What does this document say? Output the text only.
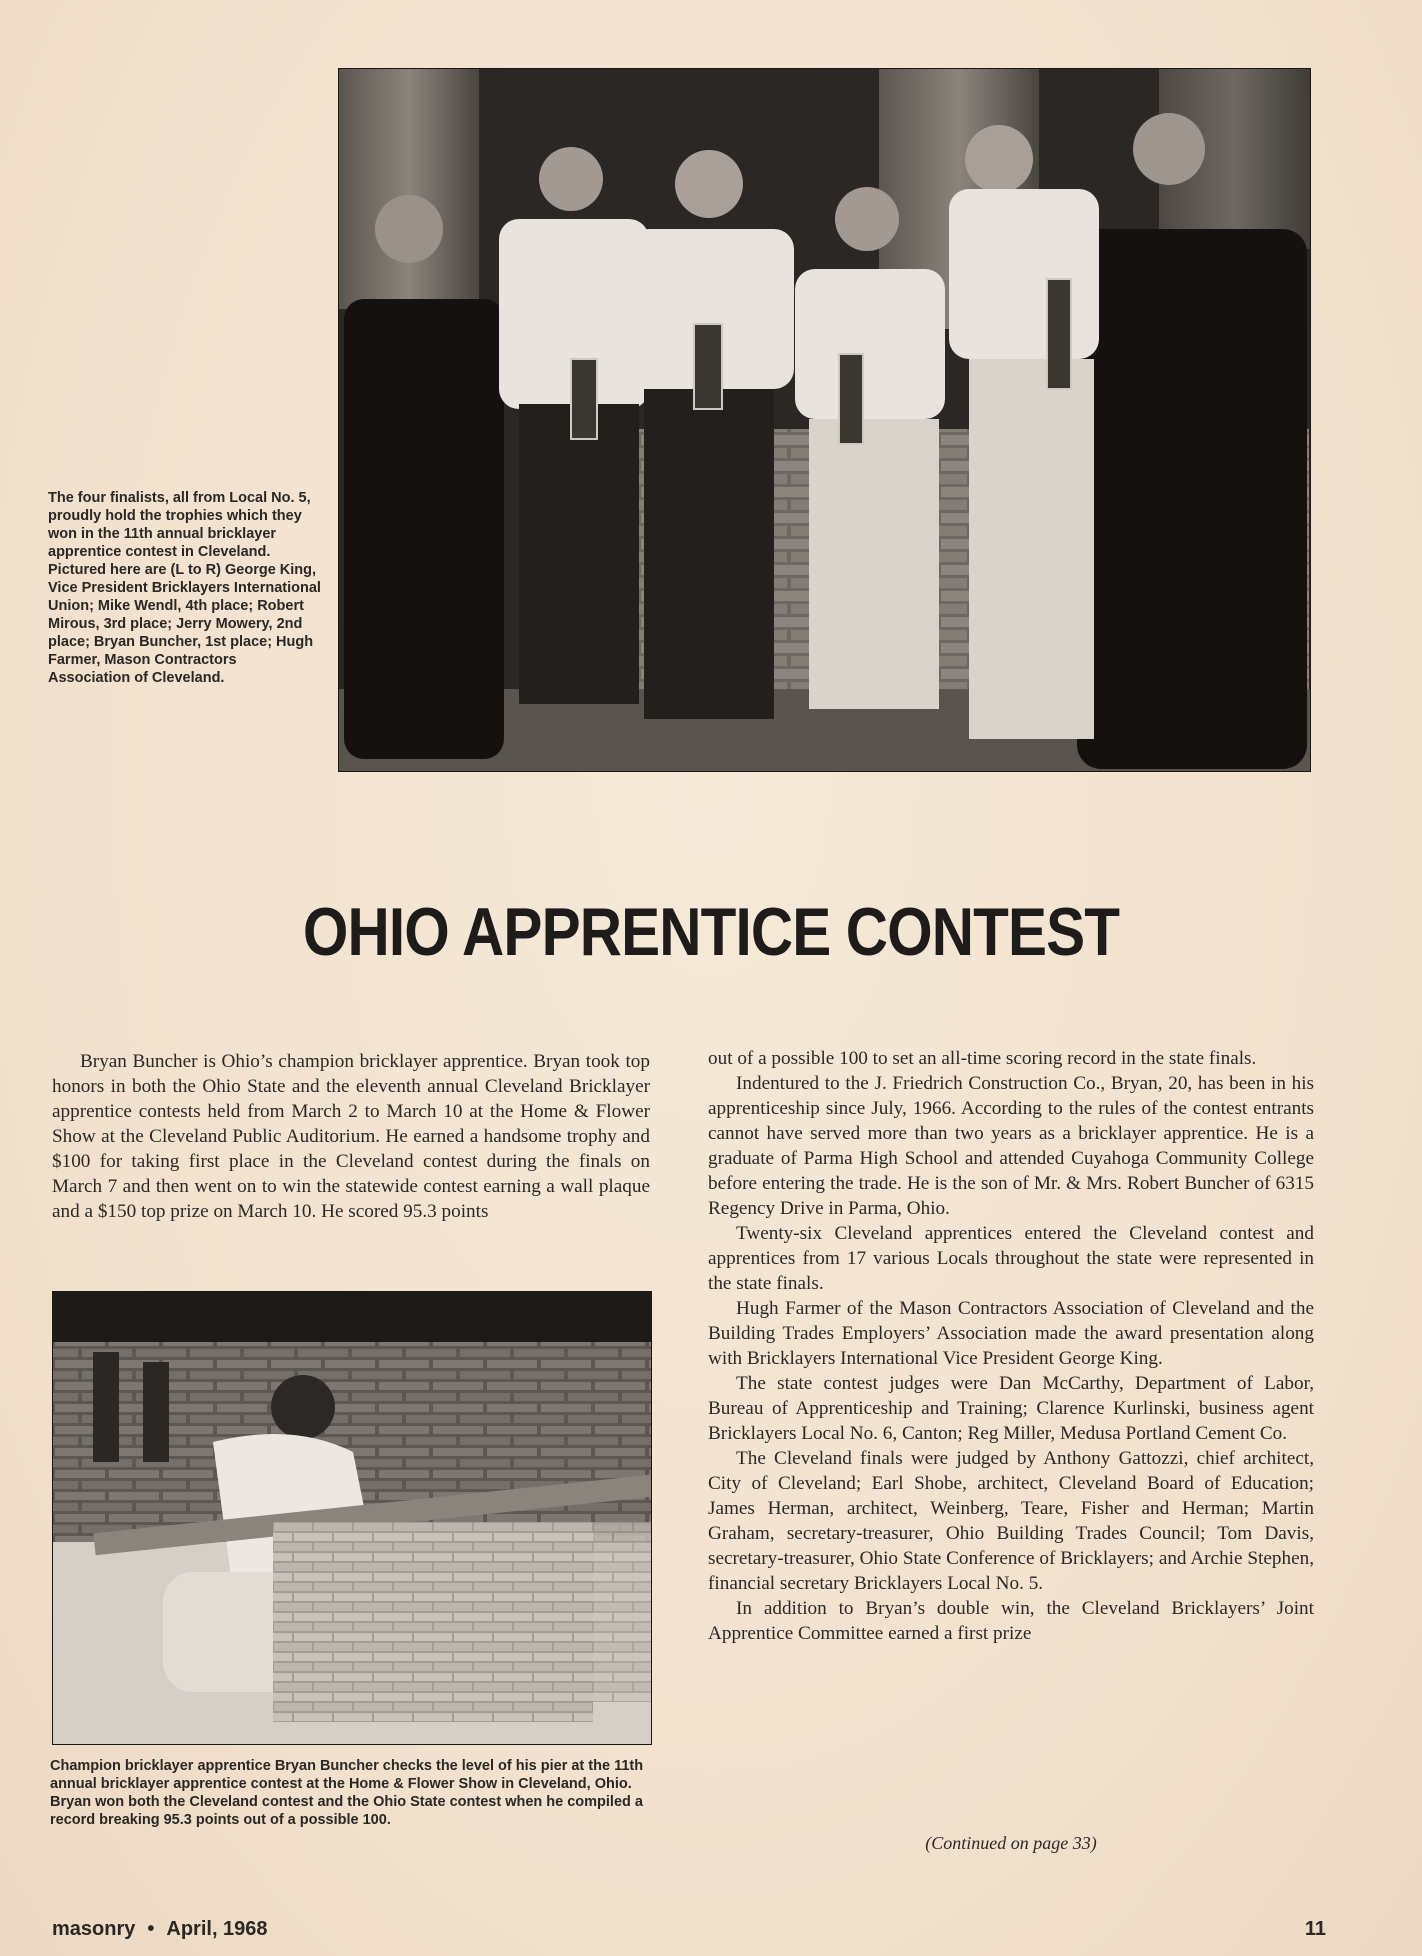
The four finalists, all from Local No. 5, proudly hold the trophies which they won in the 11th annual bricklayer apprentice contest in Cleveland. Pictured here are (L to R) George King, Vice President Bricklayers International Union; Mike Wendl, 4th place; Robert Mirous, 3rd place; Jerry Mowery, 2nd place; Bryan Buncher, 1st place; Hugh Farmer, Mason Contractors Association of Cleveland.
OHIO APPRENTICE CONTEST

Bryan Buncher is Ohio’s champion bricklayer apprentice. Bryan took top honors in both the Ohio State and the eleventh annual Cleveland Bricklayer apprentice contests held from March 2 to March 10 at the Home & Flower Show at the Cleveland Public Auditorium. He earned a handsome trophy and $100 for taking first place in the Cleveland contest during the finals on March 7 and then went on to win the statewide contest earning a wall plaque and a $150 top prize on March 10. He scored 95.3 points

Champion bricklayer apprentice Bryan Buncher checks the level of his pier at the 11th annual bricklayer apprentice contest at the Home & Flower Show in Cleveland, Ohio. Bryan won both the Cleveland contest and the Ohio State contest when he compiled a record breaking 95.3 points out of a possible 100.

out of a possible 100 to set an all-time scoring record in the state finals.

Indentured to the J. Friedrich Construction Co., Bryan, 20, has been in his apprenticeship since July, 1966. According to the rules of the contest entrants cannot have served more than two years as a bricklayer apprentice. He is a graduate of Parma High School and attended Cuyahoga Community College before entering the trade. He is the son of Mr. & Mrs. Robert Buncher of 6315 Regency Drive in Parma, Ohio.

Twenty-six Cleveland apprentices entered the Cleveland contest and apprentices from 17 various Locals throughout the state were represented in the state finals.

Hugh Farmer of the Mason Contractors Association of Cleveland and the Building Trades Employers’ Association made the award presentation along with Bricklayers International Vice President George King.

The state contest judges were Dan McCarthy, Department of Labor, Bureau of Apprenticeship and Training; Clarence Kurlinski, business agent Bricklayers Local No. 6, Canton; Reg Miller, Medusa Portland Cement Co.

The Cleveland finals were judged by Anthony Gattozzi, chief architect, City of Cleveland; Earl Shobe, architect, Cleveland Board of Education; James Herman, architect, Weinberg, Teare, Fisher and Herman; Martin Graham, secretary-treasurer, Ohio Building Trades Council; Tom Davis, secretary-treasurer, Ohio State Conference of Bricklayers; and Archie Stephen, financial secretary Bricklayers Local No. 5.

In addition to Bryan’s double win, the Cleveland Bricklayers’ Joint Apprentice Committee earned a first prize

(Continued on page 33)
masonry • April, 1968	11
